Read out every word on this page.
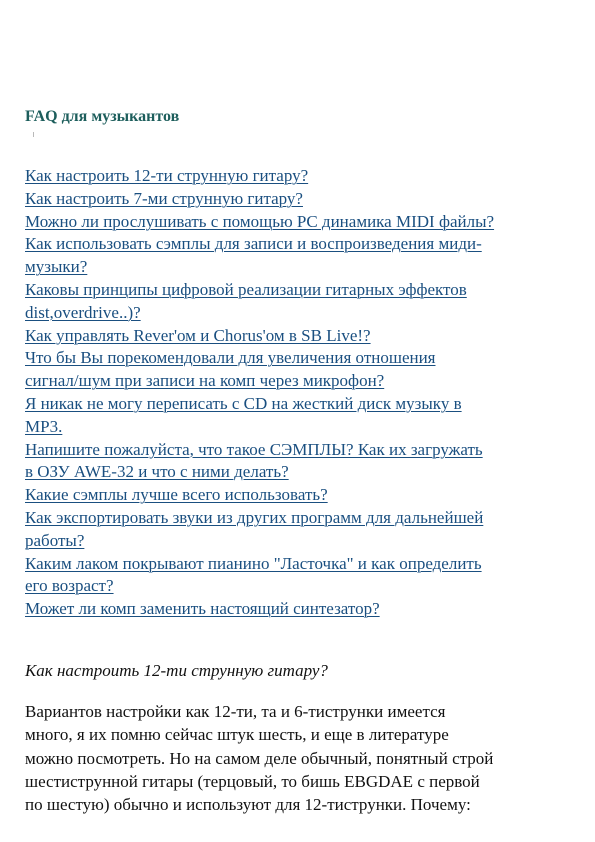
FAQ для музыкантов
Как настроить 12-ти струнную гитару?
Как настроить 7-ми струнную гитару?
Можно ли прослушивать с помощью PC динамика MIDI файлы?
Как использовать сэмплы для записи и воспроизведения миди-
музыки?
Каковы принципы цифровой реализации гитарных эффектов
dist,overdrive..)?
Как управлять Rever'ом и Chorus'ом в SB Live!?
Что бы Вы порекомендовали для увеличения отношения
сигнал/шум при записи на комп через микрофон?
Я никак не могу переписать с CD на жесткий диск музыку в
MP3.
Напишите пожалуйста, что такое СЭМПЛЫ? Как их загружать
в ОЗУ AWE-32 и что с ними делать?
Какие сэмплы лучше всего использовать?
Как экспортировать звуки из других программ для дальнейшей
работы?
Каким лаком покрывают пианино "Ласточка" и как определить
его возраст?
Может ли комп заменить настоящий синтезатор?
Как настроить 12-ти струнную гитару?
Вариантов настройки как 12-ти, та и 6-тиструнки имеется
много, я их помню сейчас штук шесть, и еще в литературе
можно посмотреть. Но на самом деле обычный, понятный строй
шестиструнной гитары (терцовый, то бишь EBGDAE с первой
по шестую) обычно и используют для 12-тиструнки. Почему:
